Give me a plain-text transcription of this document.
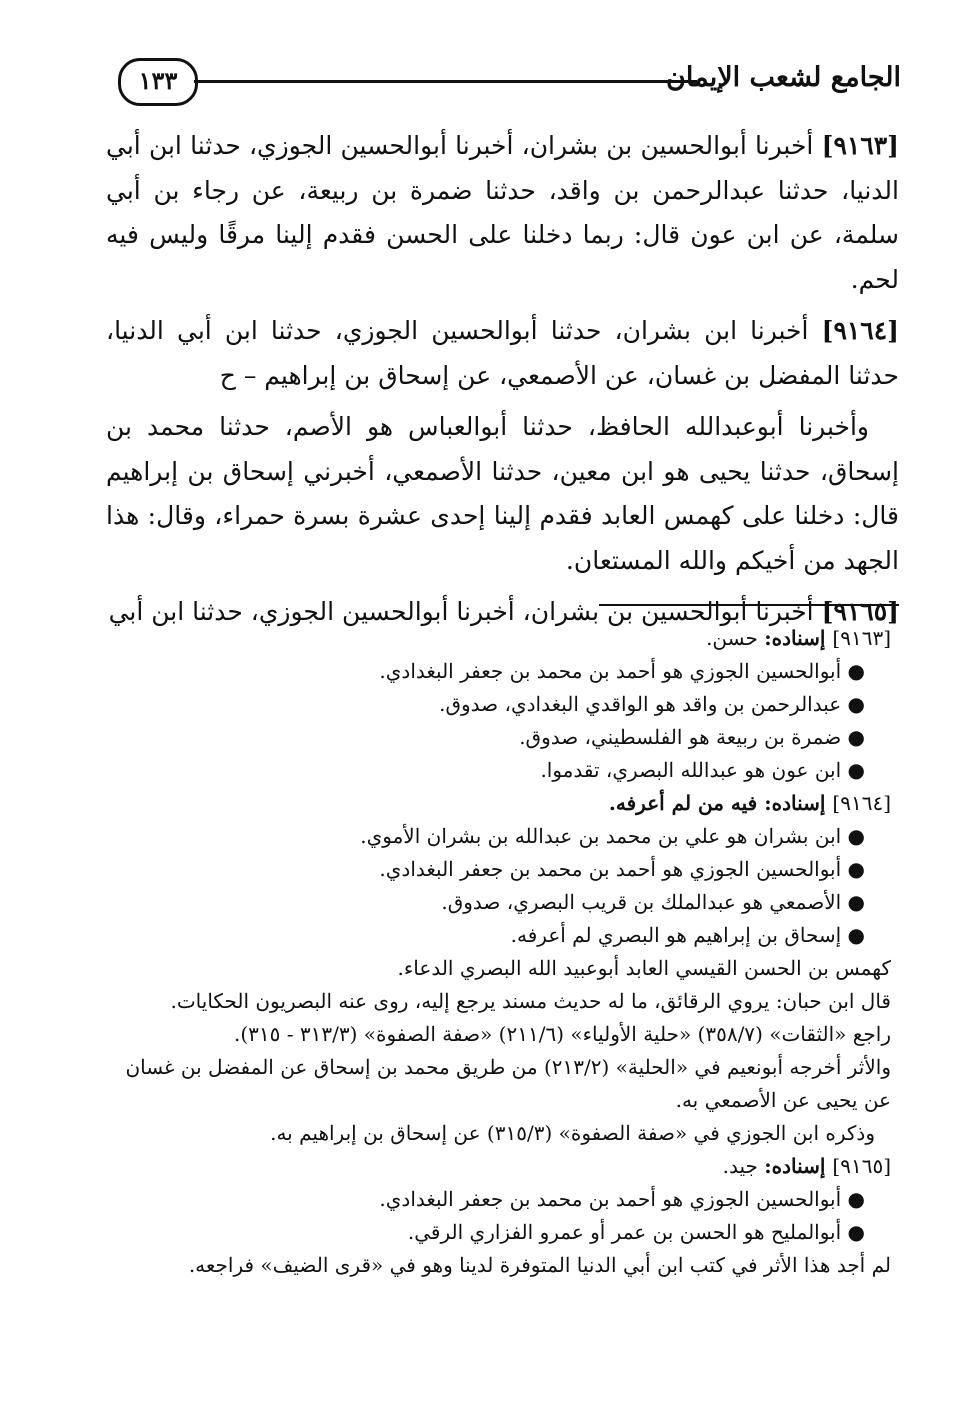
١٣٣	الجامع لشعب الإيمان

[٩١٦٣] أخبرنا أبوالحسين بن بشران، أخبرنا أبوالحسين الجوزي، حدثنا ابن أبي الدنيا، حدثنا عبدالرحمن بن واقد، حدثنا ضمرة بن ربيعة، عن رجاء بن أبي سلمة، عن ابن عون قال: ربما دخلنا على الحسن فقدم إلينا مرقًا وليس فيه لحم.

[٩١٦٤] أخبرنا ابن بشران، حدثنا أبوالحسين الجوزي، حدثنا ابن أبي الدنيا، حدثنا المفضل بن غسان، عن الأصمعي، عن إسحاق بن إبراهيم – ح

وأخبرنا أبوعبدالله الحافظ، حدثنا أبوالعباس هو الأصم، حدثنا محمد بن إسحاق، حدثنا يحيى هو ابن معين، حدثنا الأصمعي، أخبرني إسحاق بن إبراهيم قال: دخلنا على كهمس العابد فقدم إلينا إحدى عشرة بسرة حمراء، وقال: هذا الجهد من أخيكم والله المستعان.

[٩١٦٥] أخبرنا أبوالحسين بن بشران، أخبرنا أبوالحسين الجوزي، حدثنا ابن أبي

[٩١٦٣] إسناده: حسن.
● أبوالحسين الجوزي هو أحمد بن محمد بن جعفر البغدادي.
● عبدالرحمن بن واقد هو الواقدي البغدادي، صدوق.
● ضمرة بن ربيعة هو الفلسطيني، صدوق.
● ابن عون هو عبدالله البصري، تقدموا.
[٩١٦٤] إسناده: فيه من لم أعرفه.
● ابن بشران هو علي بن محمد بن عبدالله بن بشران الأموي.
● أبوالحسين الجوزي هو أحمد بن محمد بن جعفر البغدادي.
● الأصمعي هو عبدالملك بن قريب البصري، صدوق.
● إسحاق بن إبراهيم هو البصري لم أعرفه.
كهمس بن الحسن القيسي العابد أبوعبيد الله البصري الدعاء.
قال ابن حبان: يروي الرقائق، ما له حديث مسند يرجع إليه، روى عنه البصريون الحكايات.
راجع «الثقات» (٣٥٨/٧) «حلية الأولياء» (٢١١/٦) «صفة الصفوة» (٣١٣/٣ - ٣١٥).
والأثر أخرجه أبونعيم في «الحلية» (٢١٣/٢) من طريق محمد بن إسحاق عن المفضل بن غسان عن يحيى عن الأصمعي به.
وذكره ابن الجوزي في «صفة الصفوة» (٣١٥/٣) عن إسحاق بن إبراهيم به.
[٩١٦٥] إسناده: جيد.
● أبوالحسين الجوزي هو أحمد بن محمد بن جعفر البغدادي.
● أبوالمليح هو الحسن بن عمر أو عمرو الفزاري الرقي.
لم أجد هذا الأثر في كتب ابن أبي الدنيا المتوفرة لدينا وهو في «قرى الضيف» فراجعه.
